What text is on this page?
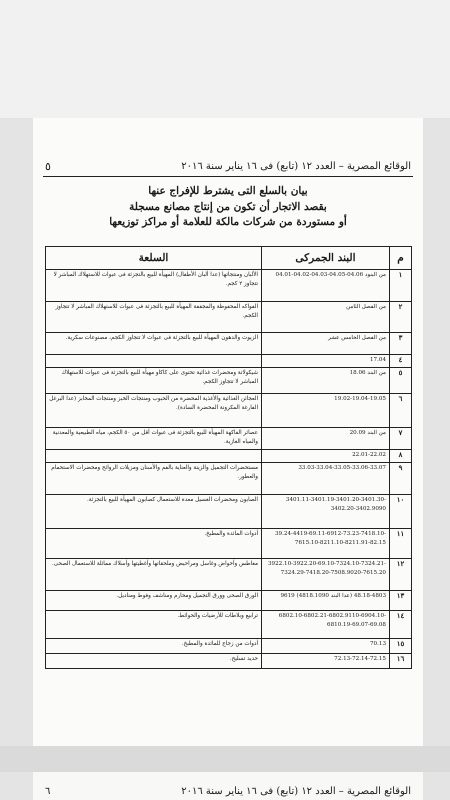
الوقائع المصرية – العدد ١٢ (تابع) فى ١٦ يناير سنة ٢٠١٦
٥
بيان بالسلع التى يشترط للإفراج عنها
بقصد الاتجار أن تكون من إنتاج مصانع مسجلة
أو مستوردة من شركات مالكة للعلامة أو مراكز توزيعها
م	البند الجمركى	السلعة
١	من البنود 04.06-04.05-04.03-04.02-04.01	الألبان ومنتجاتها (عدا ألبان الأطفال) المهيأة للبيع بالتجزئة فى عبوات للاستهلاك المباشر لا تتجاوز ٢ كجم.
٢	من الفصل الثامن	الفواكه المحفوظة والمجففة المهيأة للبيع بالتجزئة فى عبوات للاستهلاك المباشر لا تتجاوز الكجم.
٣	من الفصل الخامس عشر	الزيوت والدهون المهيأة للبيع بالتجزئة فى عبوات لا تتجاوز الكجم، مصنوعات سكرية.
٤	17.04	
٥	من البند 18.06	شيكولاتة ومحضرات غذائية تحتوى على كاكاو مهيأة للبيع بالتجزئة فى عبوات للاستهلاك المباشر لا تتجاوز الكجم.
٦	19.02-19.04-19.05	العجائن الغذائية والأغذية المحضرة من الحبوب ومنتجات الخبز ومنتجات المخابز (عدا البرغل الفارغة المكرونة المحضرة السادة).
٧	من البند 20.09	عصائر الفاكهة المهيأة للبيع بالتجزئة فى عبوات أقل من ٥٠ الكجم، مياه الطبيعية والمعدنية والمياه الغازية.
٨	22.01-22.02	
٩	33.03-33.04-33.05-33.06-33.07	مستحضرات التجميل والزينة والعناية بالفم والأسنان ومزيلات الروائح ومحضرات الاستحمام والعطور.
١٠	3401.11-3401.19-3401.20-3401.30-3402.20-3402.9090	الصابون ومحضرات الغسيل معدة للاستعمال كصابون المهيأة للبيع بالتجزئة.
١١	39.24-4419-69.11-6912-73.23-7418.10-7615.10-8211.10-8211.91-82.15	أدوات المائدة والمطبخ.
١٢	3922.10-3922.20-69.10-7324.10-7324.21-7324.29-7418.20-7508.9020-7615.20	مغاطس وأحواض وغاسل ومراحيض وملحقاتها وأغطيتها وأسلاك مماثلة للاستعمال الصحى.
١٣	48.18-4803 (عدا البند 4818.1090) 9619	الورق الصحى وورق التجميل ومحارم ومناشف وفوط ومناديل.
١٤	6802.10-6802.21-6802.9110-6904.10-6810.19-69.07-69.08	ترابيع وبلاطات للأرضيات والحوائط.
١٥	70.13	أدوات من زجاج للمائدة والمطبخ.
١٦	72.13-72.14-72.15	حديد تسليح.
الوقائع المصرية – العدد ١٢ (تابع) فى ١٦ يناير سنة ٢٠١٦
٦
